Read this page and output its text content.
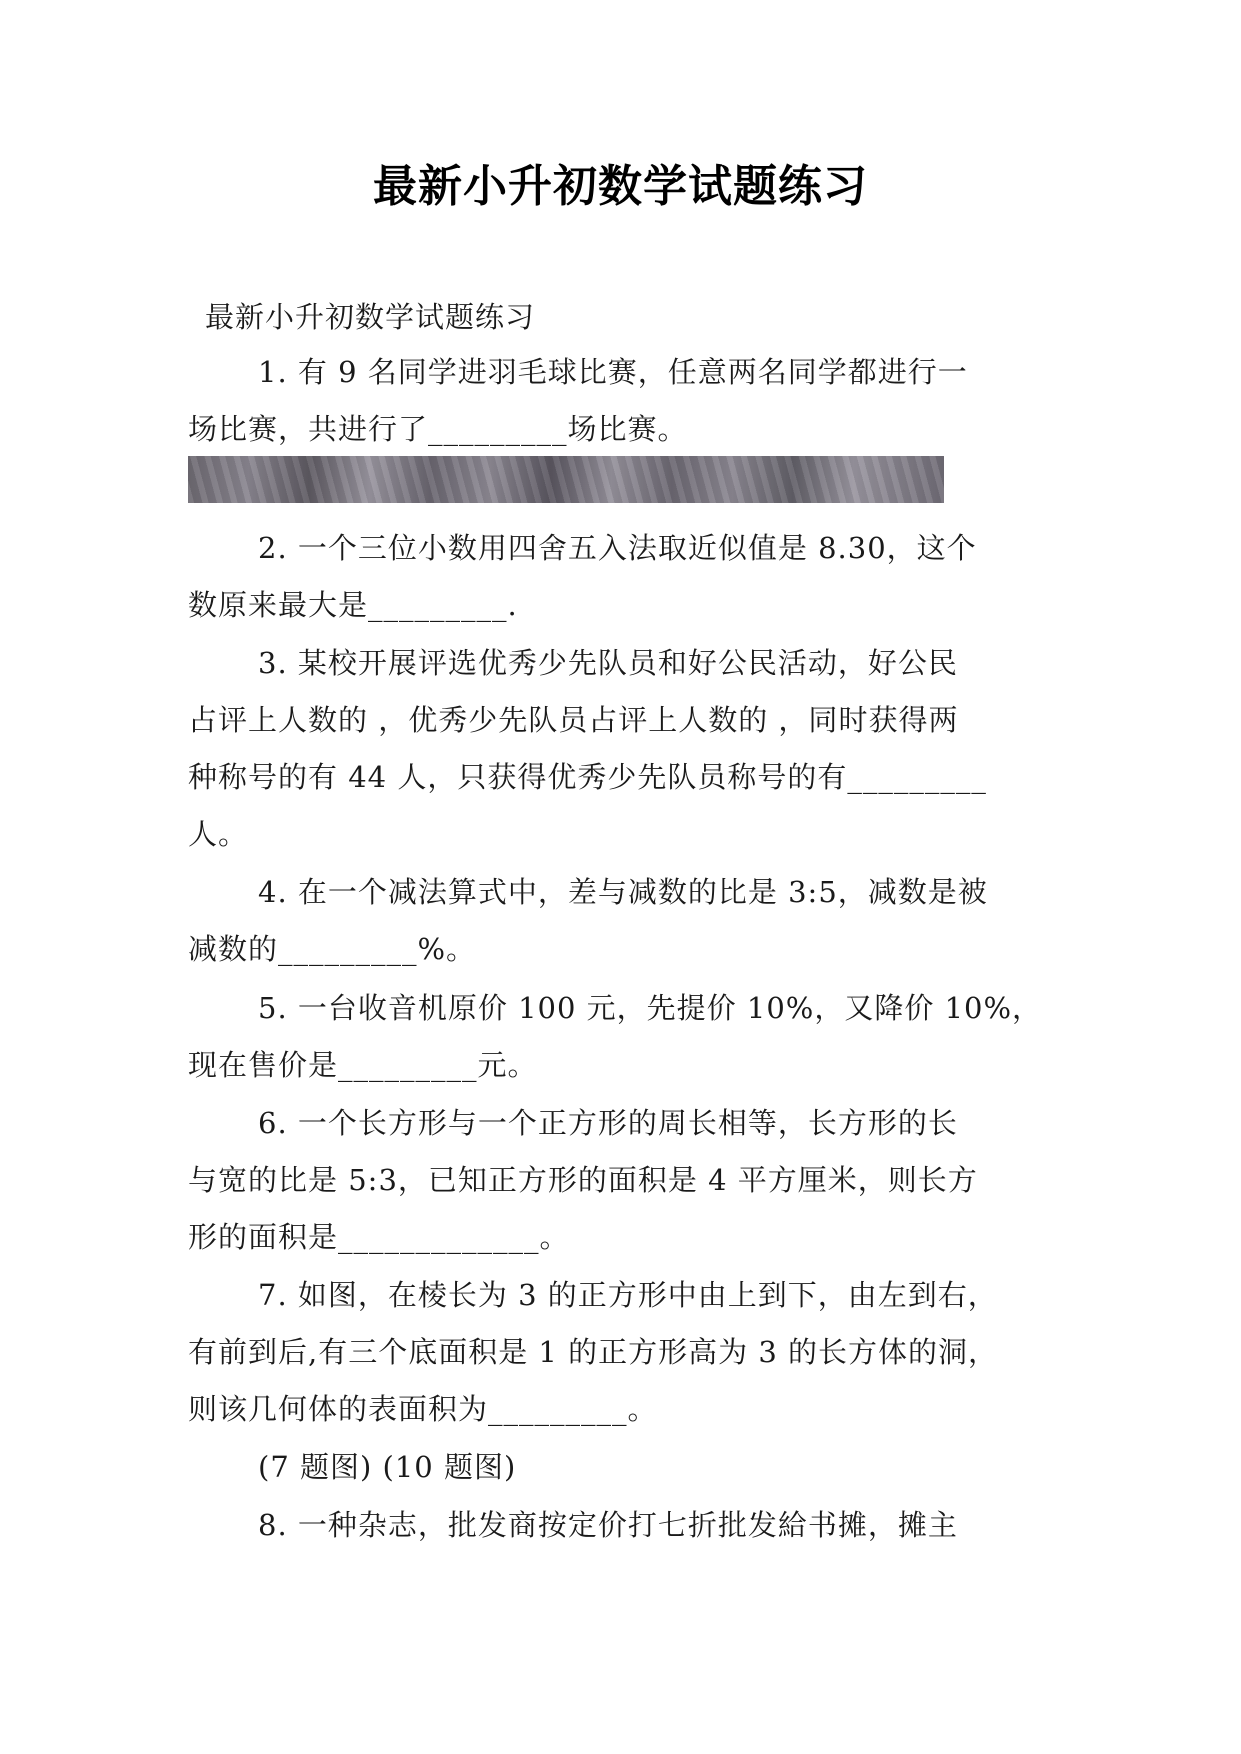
最新小升初数学试题练习
最新小升初数学试题练习
1. 有 9 名同学进羽毛球比赛，任意两名同学都进行一
场比赛，共进行了_________场比赛。
2. 一个三位小数用四舍五入法取近似值是 8.30，这个
数原来最大是_________.
3. 某校开展评选优秀少先队员和好公民活动，好公民
占评上人数的 ，优秀少先队员占评上人数的 ，同时获得两
种称号的有 44 人，只获得优秀少先队员称号的有_________
人。
4. 在一个减法算式中，差与减数的比是 3:5，减数是被
减数的_________%。
5. 一台收音机原价 100 元，先提价 10%，又降价 10%，
现在售价是_________元。
6. 一个长方形与一个正方形的周长相等，长方形的长
与宽的比是 5:3，已知正方形的面积是 4 平方厘米，则长方
形的面积是_____________。
7. 如图，在棱长为 3 的正方形中由上到下，由左到右，
有前到后,有三个底面积是 1 的正方形高为 3 的长方体的洞，
则该几何体的表面积为_________。
(7 题图) (10 题图)
8. 一种杂志，批发商按定价打七折批发給书摊，摊主
